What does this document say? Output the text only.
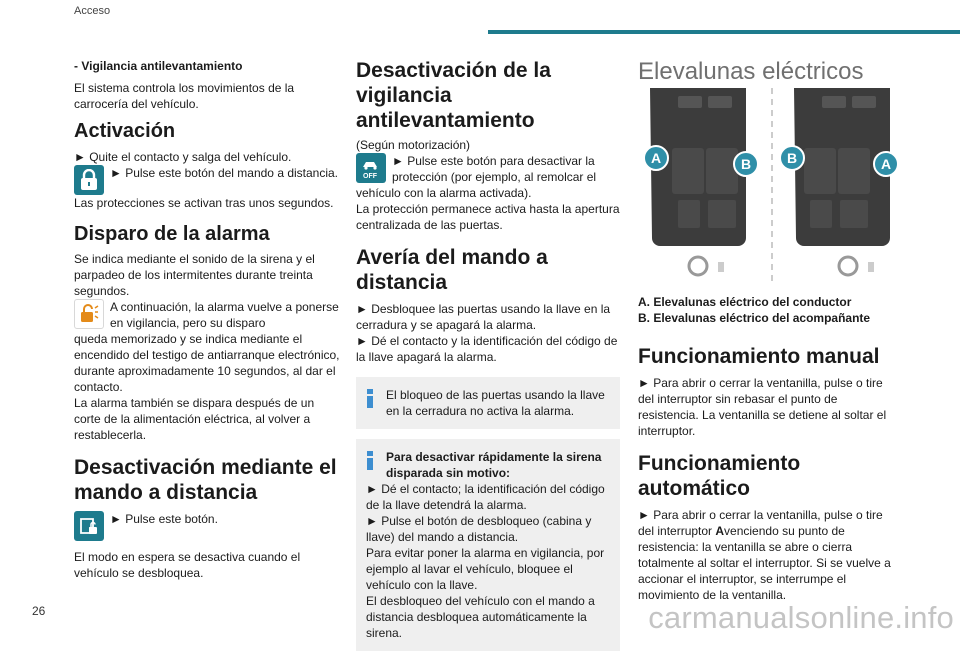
Acceso

- Vigilancia antilevantamiento

El sistema controla los movimientos de la carrocería del vehículo.

Activación

► Quite el contacto y salga del vehículo.

► Pulse este botón del mando a distancia.

Las protecciones se activan tras unos segundos.

Disparo de la alarma

Se indica mediante el sonido de la sirena y el parpadeo de los intermitentes durante treinta segundos.

A continuación, la alarma vuelve a ponerse en vigilancia, pero su disparo

queda memorizado y se indica mediante el encendido del testigo de antiarranque electrónico, durante aproximadamente 10 segundos, al dar el contacto.

La alarma también se dispara después de un corte de la alimentación eléctrica, al volver a restablecerla.

Desactivación mediante el mando a distancia

► Pulse este botón.

El modo en espera se desactiva cuando el vehículo se desbloquea.

Desactivación de la vigilancia antilevantamiento

(Según motorización)

OFF

► Pulse este botón para desactivar la protección (por ejemplo, al remolcar el

vehículo con la alarma activada).

La protección permanece activa hasta la apertura centralizada de las puertas.

Avería del mando a distancia

► Desbloquee las puertas usando la llave en la cerradura y se apagará la alarma.

► Dé el contacto y la identificación del código de la llave apagará la alarma.

El bloqueo de las puertas usando la llave en la cerradura no activa la alarma.

Para desactivar rápidamente la sirena disparada sin motivo:

► Dé el contacto; la identificación del código de la llave detendrá la alarma.

► Pulse el botón de desbloqueo (cabina y llave) del mando a distancia.

Para evitar poner la alarma en vigilancia, por ejemplo al lavar el vehículo, bloquee el vehículo con la llave.

El desbloqueo del vehículo con el mando a distancia desbloquea automáticamente la sirena.

Elevalunas eléctricos
A	B	B	A

A. Elevalunas eléctrico del conductor

B. Elevalunas eléctrico del acompañante

Funcionamiento manual

► Para abrir o cerrar la ventanilla, pulse o tire del interruptor sin rebasar el punto de resistencia. La ventanilla se detiene al soltar el interruptor.

Funcionamiento automático

► Para abrir o cerrar la ventanilla, pulse o tire del interruptor Avenciendo su punto de resistencia: la ventanilla se abre o cierra totalmente al soltar el interruptor. Si se vuelve a accionar el interruptor, se interrumpe el movimiento de la ventanilla.

26	carmanualsonline.info
